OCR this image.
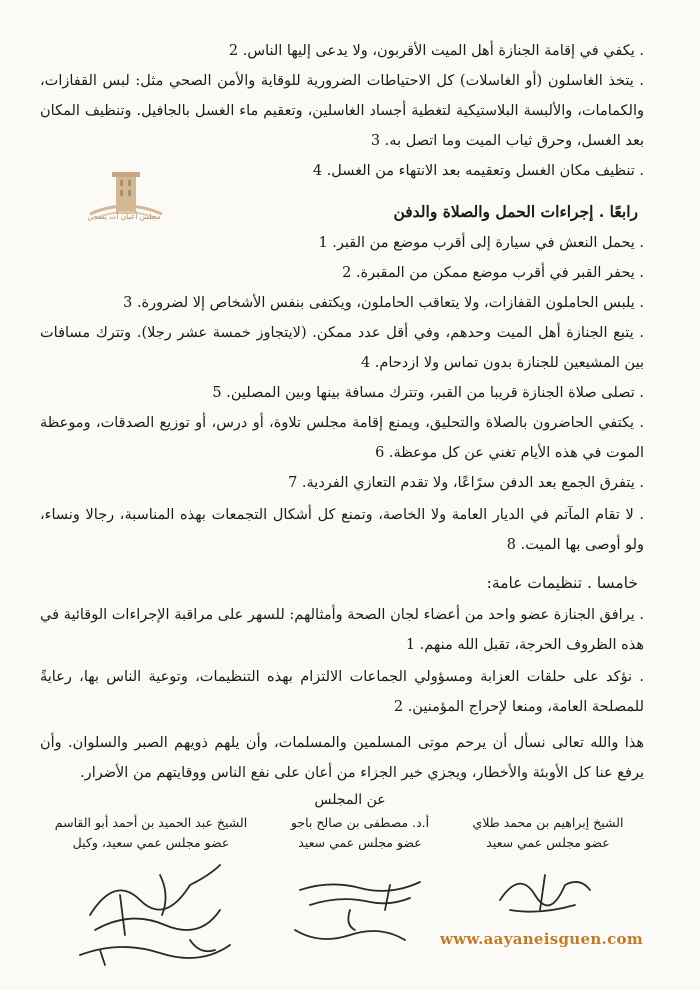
. يكفي في إقامة الجنازة أهل الميت الأقربون، ولا يدعى إليها الناس. 2
. يتخذ الغاسلون (أو الغاسلات) كل الاحتياطات الضرورية للوقاية والأمن الصحي مثل: لبس القفازات، والكمامات، والألبسة البلاستيكية لتغطية أجساد الغاسلين، وتعقيم ماء الغسل بالجافيل. وتنظيف المكان بعد الغسل، وحرق ثياب الميت وما اتصل به. 3
. تنظيف مكان الغسل وتعقيمه بعد الانتهاء من الغسل. 4
مجلس أعيان آت يسجن	رابعًا . إجراءات الحمل والصلاة والدفن
. يحمل النعش في سيارة إلى أقرب موضع من القبر. 1
. يحفر القبر في أقرب موضع ممكن من المقبرة. 2
. يلبس الحاملون القفازات، ولا يتعاقب الحاملون، ويكتفى بنفس الأشخاص إلا لضرورة. 3
. يتبع الجنازة أهل الميت وحدهم، وفي أقل عدد ممكن. (لايتجاوز خمسة عشر رجلا). وتترك مسافات بين المشيعين للجنازة بدون تماس ولا ازدحام. 4
. تصلى صلاة الجنازة قريبا من القبر، وتترك مسافة بينها وبين المصلين. 5
. يكتفي الحاضرون بالصلاة والتحليق، ويمنع إقامة مجلس تلاوة، أو درس، أو توزيع الصدقات، وموعظة الموت في هذه الأيام تغني عن كل موعظة. 6
. يتفرق الجمع بعد الدفن سرًاعًا، ولا تقدم التعازي الفردية. 7
. لا تقام المآتم في الديار العامة ولا الخاصة، وتمنع كل أشكال التجمعات بهذه المناسبة، رجالا ونساء، ولو أوصى بها الميت. 8
خامسا . تنظيمات عامة:
. يرافق الجنازة عضو واحد من أعضاء لجان الصحة وأمثالهم: للسهر على مراقبة الإجراءات الوقائية في هذه الظروف الحرجة، تقبل الله منهم. 1
. نؤكد على حلقات العزابة ومسؤولي الجماعات الالتزام بهذه التنظيمات، وتوعية الناس بها، رعايةً للمصلحة العامة، ومنعا لإحراج المؤمنين. 2
هذا والله تعالى نسأل أن يرحم موتى المسلمين والمسلمات، وأن يلهم ذويهم الصبر والسلوان. وأن يرفع عنا كل الأوبئة والأخطار، ويجزي خير الجزاء من أعان على نفع الناس ووقايتهم من الأضرار.
عن المجلس
الشيخ إبراهيم بن محمد طلاي
عضو مجلس عمي سعيد
أ.د. مصطفى بن صالح باجو
عضو مجلس عمي سعيد
الشيخ عبد الحميد بن أحمد أبو القاسم
عضو مجلس عمي سعيد، وكيل
www.aayaneisguen.com
